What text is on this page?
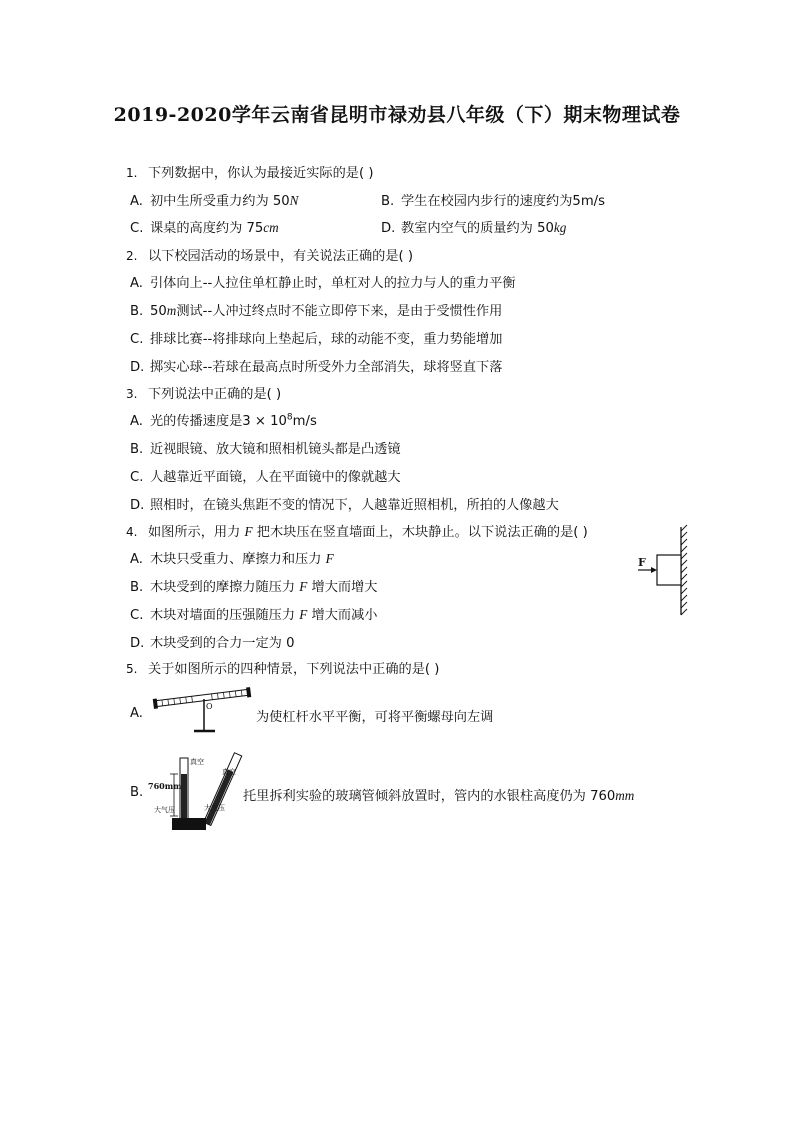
2019-2020学年云南省昆明市禄劝县八年级（下）期末物理试卷
1. 下列数据中，你认为最接近实际的是( )
A. 初中生所受重力约为 50N	B. 学生在校园内步行的速度约为5m/s
C. 课桌的高度约为 75cm	D. 教室内空气的质量约为 50kg
2. 以下校园活动的场景中，有关说法正确的是( )
A. 引体向上--人拉住单杠静止时，单杠对人的拉力与人的重力平衡
B. 50m测试--人冲过终点时不能立即停下来，是由于受惯性作用
C. 排球比赛--将排球向上垫起后，球的动能不变，重力势能增加
D. 掷实心球--若球在最高点时所受外力全部消失，球将竖直下落
3. 下列说法中正确的是( )
A. 光的传播速度是$3 \times 10^8m/s$
B. 近视眼镜、放大镜和照相机镜头都是凸透镜
C. 人越靠近平面镜，人在平面镜中的像就越大
D. 照相时，在镜头焦距不变的情况下，人越靠近照相机，所拍的人像越大
4. 如图所示，用力 F 把木块压在竖直墙面上，木块静止。以下说法正确的是( )
A. 木块只受重力、摩擦力和压力 F
B. 木块受到的摩擦力随压力 F 增大而增大
C. 木块对墙面的压强随压力 F 增大而减小
D. 木块受到的合力一定为 0
F
5. 关于如图所示的四种情景，下列说法中正确的是( )
A.	O
为使杠杆水平平衡，可将平衡螺母向左调
B. 760mm
真空
真空
大气压	大气压
托里拆利实验的玻璃管倾斜放置时，管内的水银柱高度仍为 760mm
